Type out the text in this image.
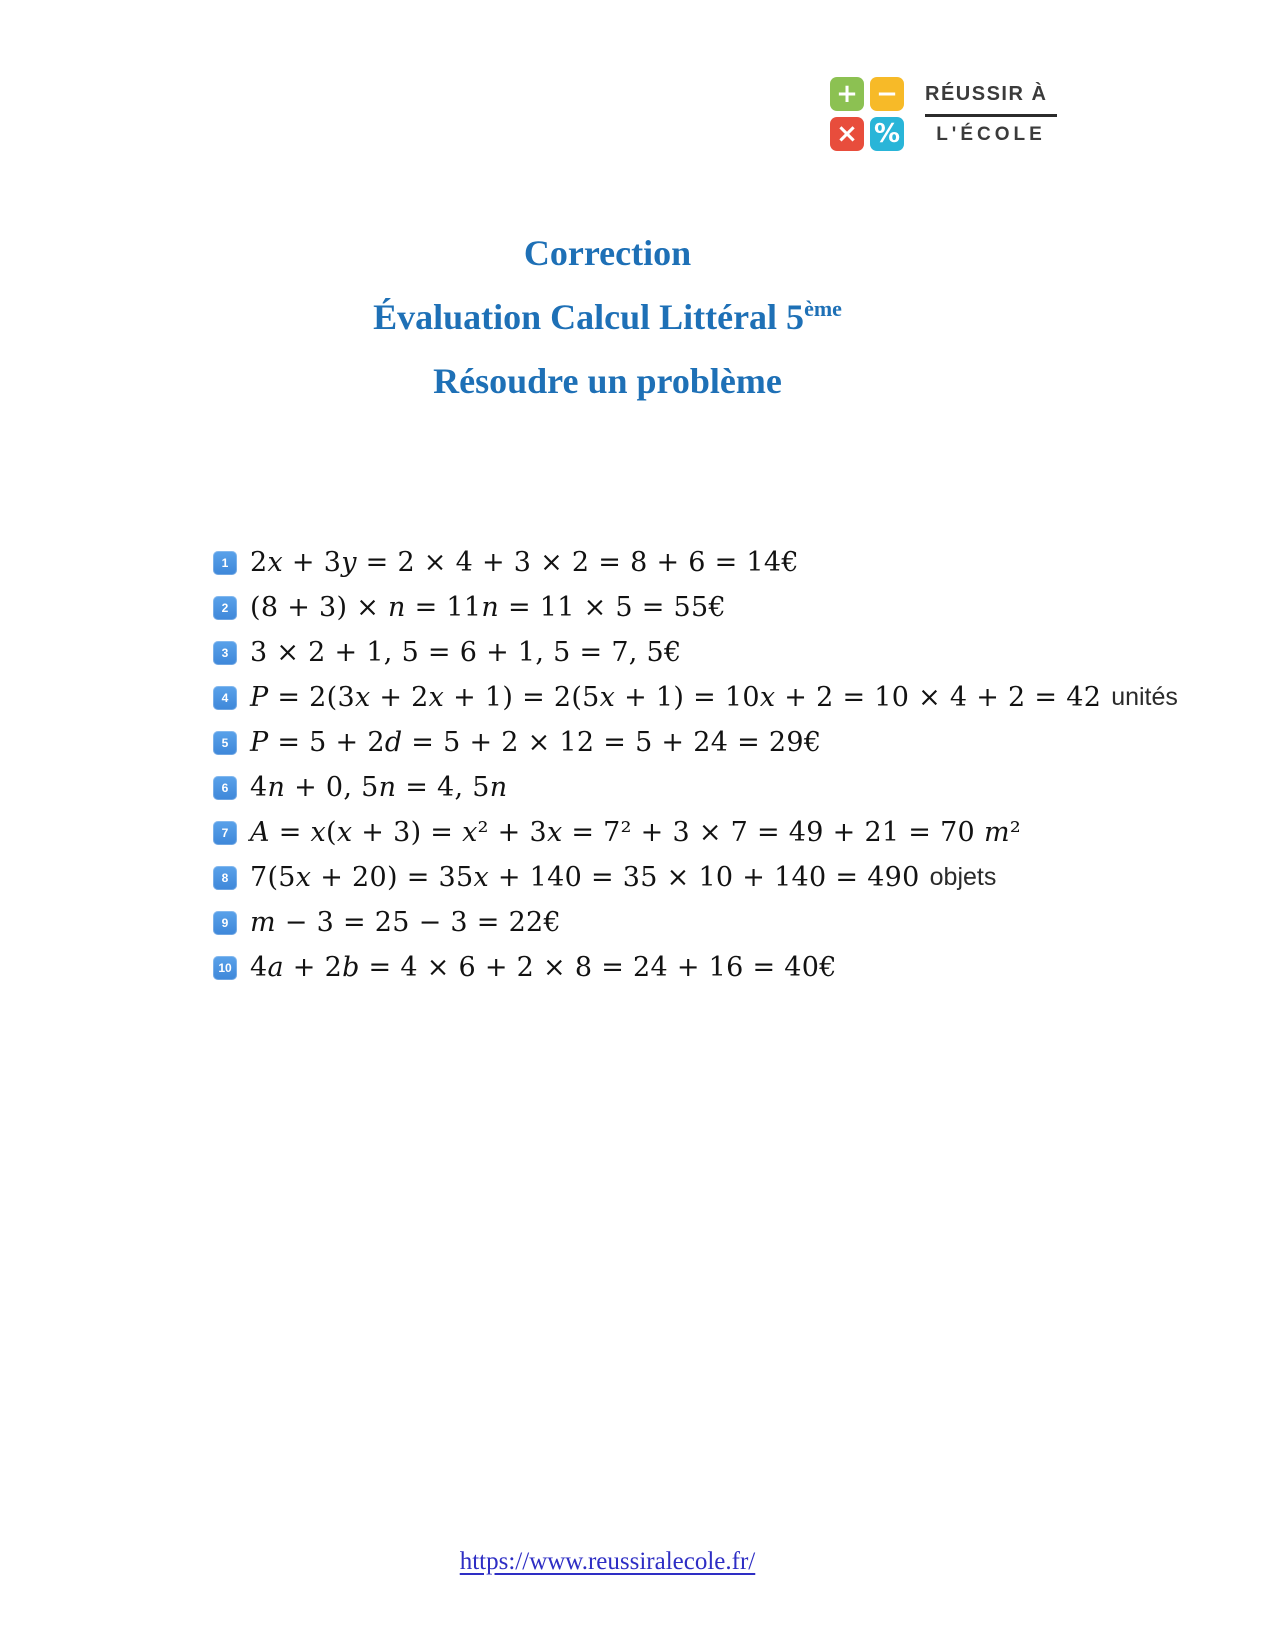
+ −
× %
RÉUSSIR À
L'ÉCOLE
Correction
Évaluation Calcul Littéral 5ème
Résoudre un problème
1 2x + 3y = 2 × 4 + 3 × 2 = 8 + 6 = 14€
2 (8 + 3) × n = 11n = 11 × 5 = 55€
3 3 × 2 + 1, 5 = 6 + 1, 5 = 7, 5€
4 P = 2(3x + 2x + 1) = 2(5x + 1) = 10x + 2 = 10 × 4 + 2 = 42 unités
5 P = 5 + 2d = 5 + 2 × 12 = 5 + 24 = 29€
6 4n + 0, 5n = 4, 5n
7 A = x(x + 3) = x² + 3x = 7² + 3 × 7 = 49 + 21 = 70 m²
8 7(5x + 20) = 35x + 140 = 35 × 10 + 140 = 490 objets
9 m − 3 = 25 − 3 = 22€
10 4a + 2b = 4 × 6 + 2 × 8 = 24 + 16 = 40€
https://www.reussiralecole.fr/
